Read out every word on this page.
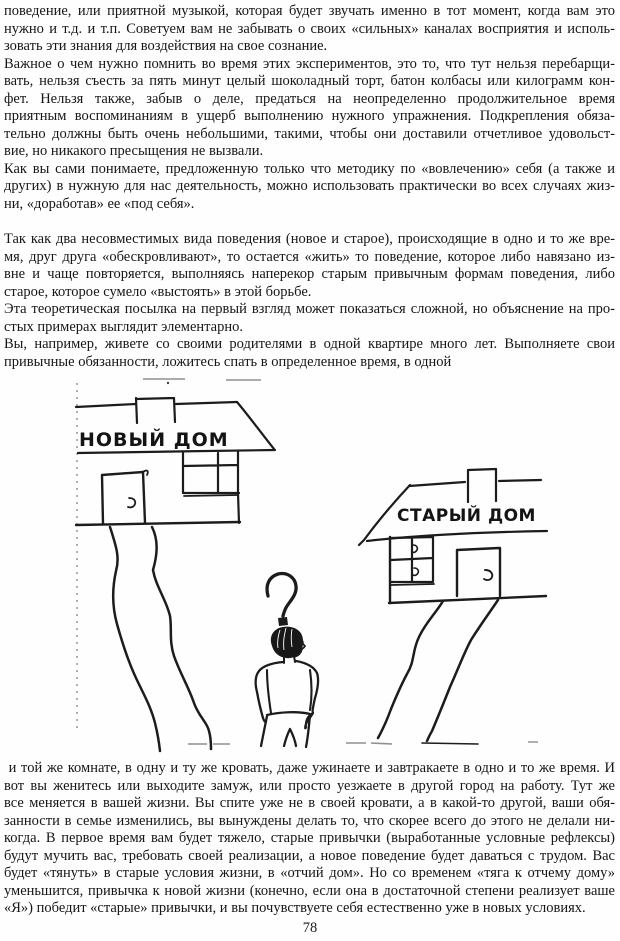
поведение, или приятной музыкой, которая будет звучать именно в тот момент, когда вам это
нужно и т.д. и т.п. Советуем вам не забывать о своих «сильных» каналах восприятия и исполь-
зовать эти знания для воздействия на свое сознание.
Важное о чем нужно помнить во время этих экспериментов, это то, что тут нельзя перебарщи-
вать, нельзя съесть за пять минут целый шоколадный торт, батон колбасы или килограмм кон-
фет. Нельзя также, забыв о деле, предаться на неопределенно продолжительное время
приятным воспоминаниям в ущерб выполнению нужного упражнения. Подкрепления обяза-
тельно должны быть очень небольшими, такими, чтобы они доставили отчетливое удовольст-
вие, но никакого пресыщения не вызвали.
Как вы сами понимаете, предложенную только что методику по «вовлечению» себя (а также и
других) в нужную для нас деятельность, можно использовать практически во всех случаях жиз-
ни, «доработав» ее «под себя».
Так как два несовместимых вида поведения (новое и старое), происходящие в одно и то же вре-
мя, друг друга «обескровливают», то остается «жить» то поведение, которое либо навязано из-
вне и чаще повторяется, выполняясь наперекор старым привычным формам поведения, либо
старое, которое сумело «выстоять» в этой борьбе.
Эта теоретическая посылка на первый взгляд может показаться сложной, но объяснение на про-
стых примерах выглядит элементарно.
Вы, например, живете со своими родителями в одной квартире много лет. Выполняете свои
привычные обязанности, ложитесь спать в определенное время, в одной
НОВЫЙ ДОМ
СТАРЫЙ ДОМ
и той же комнате, в одну и ту же кровать, даже ужинаете и завтракаете в одно и то же время. И
вот вы женитесь или выходите замуж, или просто уезжаете в другой город на работу. Тут же
все меняется в вашей жизни. Вы спите уже не в своей кровати, а в какой-то другой, ваши обя-
занности в семье изменились, вы вынуждены делать то, что скорее всего до этого не делали ни-
когда. В первое время вам будет тяжело, старые привычки (выработанные условные рефлексы)
будут мучить вас, требовать своей реализации, а новое поведение будет даваться с трудом. Вас
будет «тянуть» в старые условия жизни, в «отчий дом». Но со временем «тяга к отчему дому»
уменьшится, привычка к новой жизни (конечно, если она в достаточной степени реализует ваше
«Я») победит «старые» привычки, и вы почувствуете себя естественно уже в новых условиях.
78
